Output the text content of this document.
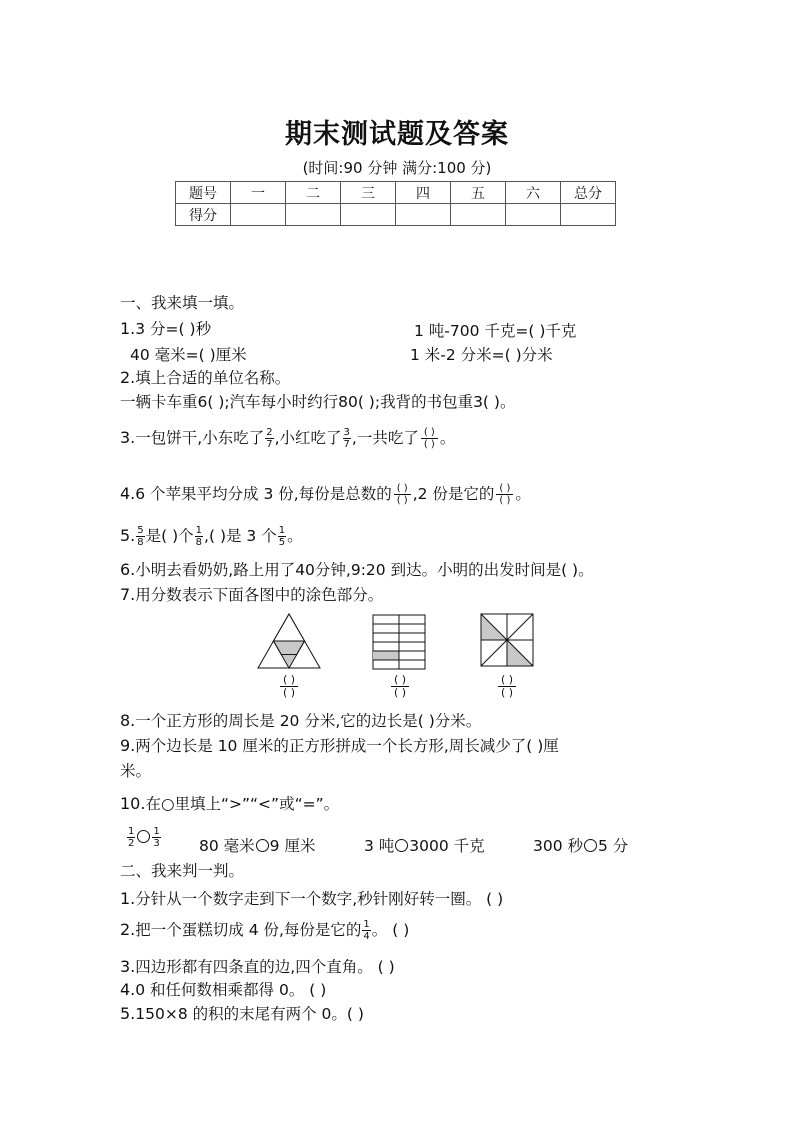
期末测试题及答案
(时间:90 分钟 满分:100 分)
题号	一	二	三	四	五	六	总分
得分							
一、我来填一填。
1.3 分=( )秒	1 吨-700 千克=( )千克
40 毫米=( )厘米	1 米-2 分米=( )分米
2.填上合适的单位名称。
一辆卡车重6( );汽车每小时约行80( );我背的书包重3( )。
3.一包饼干,小东吃了 $\frac{2}{7}$ ,小红吃了 $\frac{3}{7}$ ,一共吃了 ( )
( ) 。
4.6 个苹果平均分成 3 份,每份是总数的 ( )
( ) ,2 份是它的 ( )
( ) 。
5. $\frac{5}{8}$ 是( )个 $\frac{1}{8}$ ,( )是 3 个 $\frac{1}{5}$ 。
6.小明去看奶奶,路上用了40分钟,9:20 到达。小明的出发时间是( )。
7.用分数表示下面各图中的涂色部分。
( )
( )
( )
( )
( )
( )
8.一个正方形的周长是 20 分米,它的边长是( )分米。
9.两个边长是 10 厘米的正方形拼成一个长方形,周长减少了( )厘
米。
10.在○里填上“>”“<”或“=”。
$\frac{1}{2} \frac{1}{3} 80$ 毫米 9 厘米	3 吨 3000 千克	300 秒 5 分
二、我来判一判。
1.分针从一个数字走到下一个数字,秒针刚好转一圈。 ( )
2.把一个蛋糕切成 4 份,每份是它的 $\frac{1}{4}$ 。 ( )
3.四边形都有四条直的边,四个直角。 ( )
4.0 和任何数相乘都得 0。 ( )
5.150×8 的积的末尾有两个 0。( )
